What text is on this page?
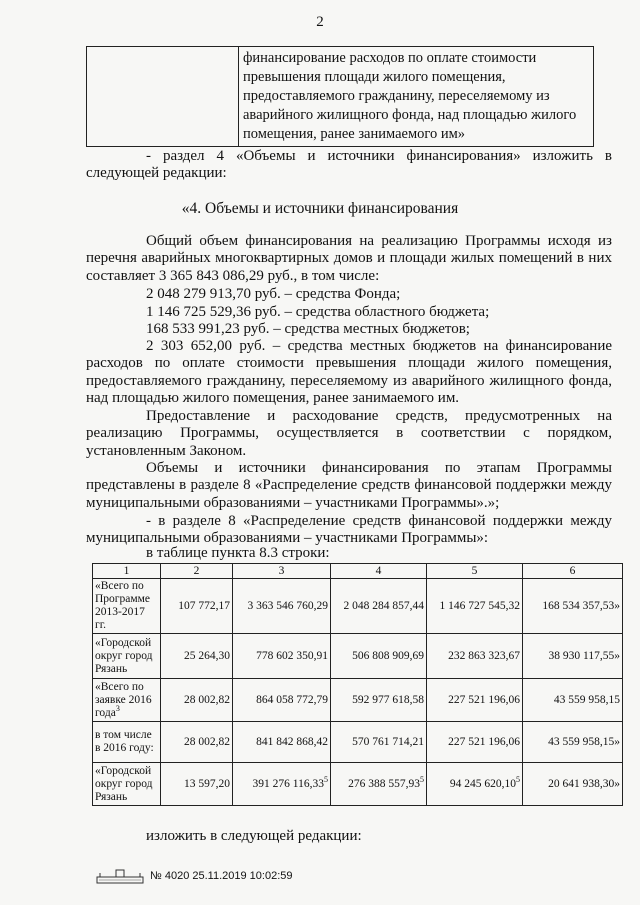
2
	финансирование расходов по оплате стоимости превышения площади жилого помещения, предоставляемого гражданину, переселяемому из аварийного жилищного фонда, над площадью жилого помещения, ранее занимаемого им»

- раздел 4 «Объемы и источники финансирования» изложить в следующей редакции:

«4. Объемы и источники финансирования

Общий объем финансирования на реализацию Программы исходя из перечня аварийных многоквартирных домов и площади жилых помещений в них составляет 3 365 843 086,29 руб., в том числе:

2 048 279 913,70 руб. – средства Фонда;
1 146 725 529,36 руб. – средства областного бюджета;
168 533 991,23 руб. – средства местных бюджетов;

2 303 652,00 руб. – средства местных бюджетов на финансирование расходов по оплате стоимости превышения площади жилого помещения, предоставляемого гражданину, переселяемому из аварийного жилищного фонда, над площадью жилого помещения, ранее занимаемого им.

Предоставление и расходование средств, предусмотренных на реализацию Программы, осуществляется в соответствии с порядком, установленным Законом.

Объемы и источники финансирования по этапам Программы представлены в разделе 8 «Распределение средств финансовой поддержки между муниципальными образованиями – участниками Программы».»;

- в разделе 8 «Распределение средств финансовой поддержки между муниципальными образованиями – участниками Программы»:

в таблице пункта 8.3 строки:
1	2	3	4	5	6
«Всего по Программе 2013-2017 гг.	107 772,17	3 363 546 760,29	2 048 284 857,44	1 146 727 545,32	168 534 357,53»
«Городской округ город Рязань	25 264,30	778 602 350,91	506 808 909,69	232 863 323,67	38 930 117,55»
«Всего по заявке 2016 года$^3$	28 002,82	864 058 772,79	592 977 618,58	227 521 196,06	43 559 958,15
в том числе в 2016 году:	28 002,82	841 842 868,42	570 761 714,21	227 521 196,06	43 559 958,15»
«Городской округ город Рязань	13 597,20	391 276 116,33$^5$	276 388 557,93$^5$	94 245 620,10$^5$	20 641 938,30»
изложить в следующей редакции:
№ 4020 25.11.2019 10:02:59
